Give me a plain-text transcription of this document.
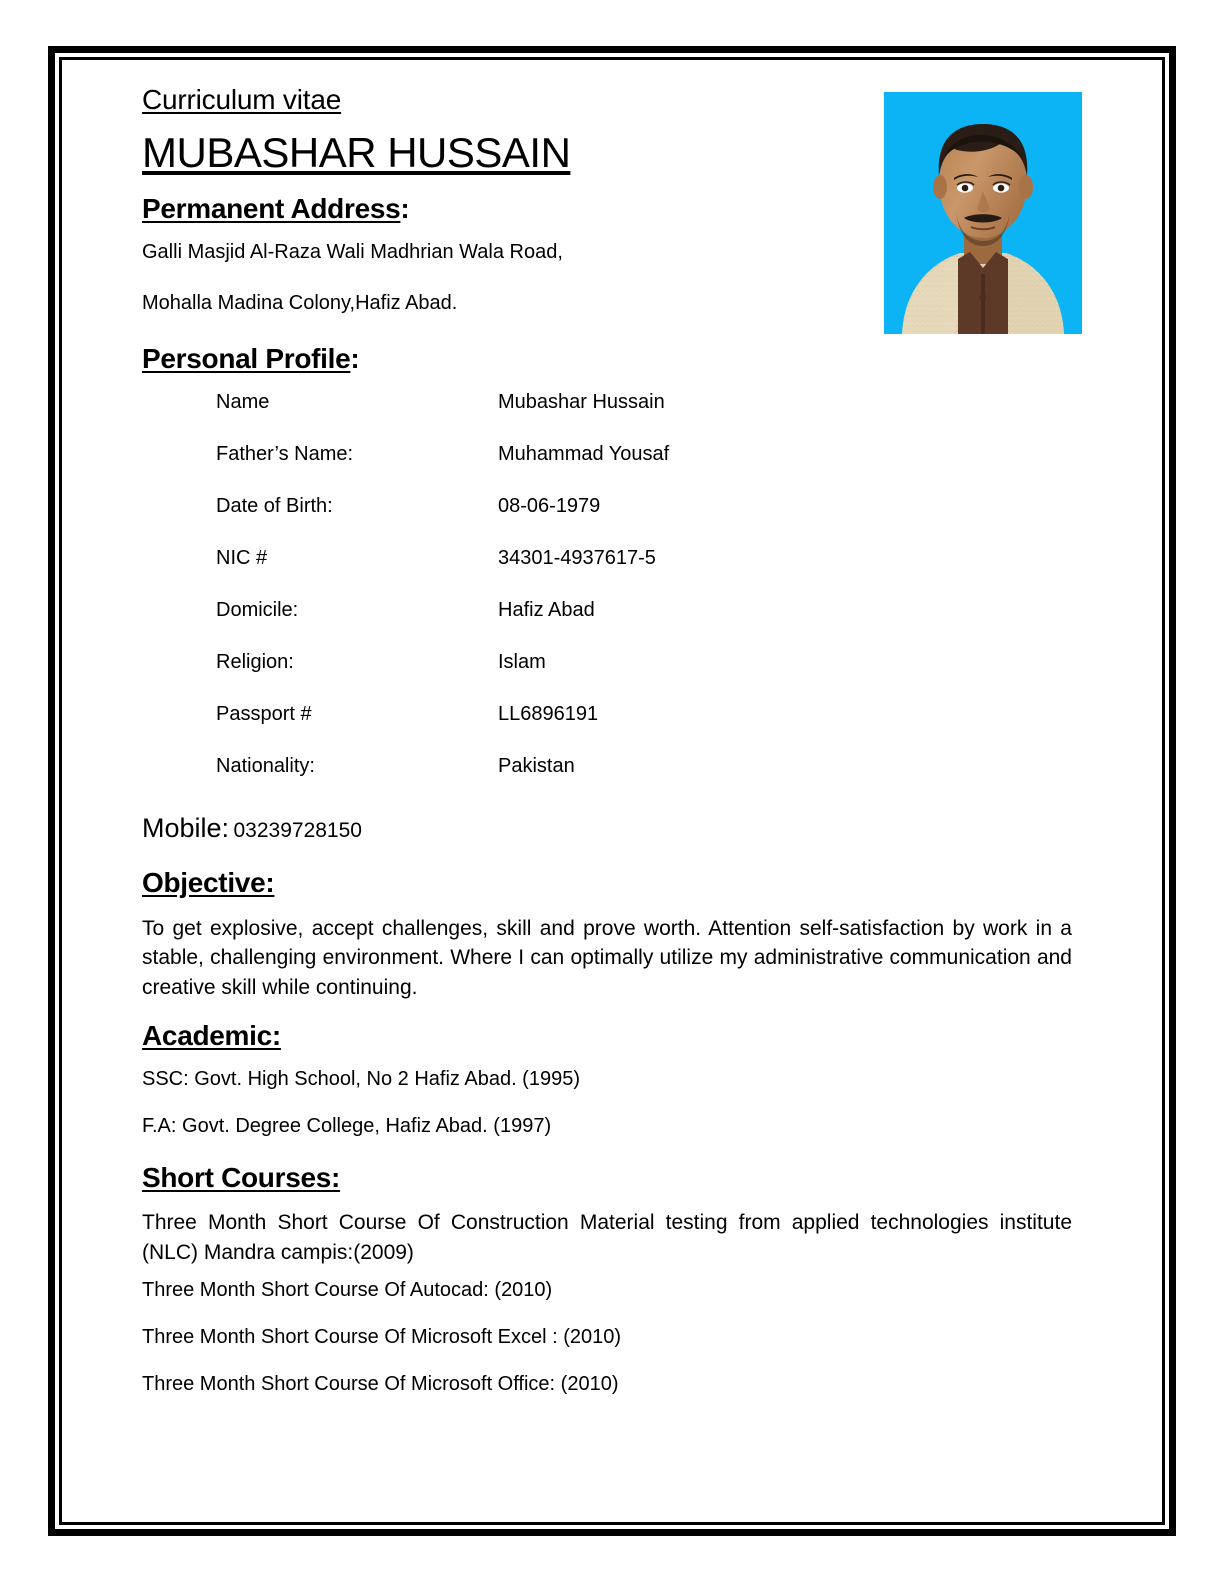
Curriculum vitae
MUBASHAR HUSSAIN
Permanent Address:

Galli Masjid Al-Raza Wali Madhrian Wala Road,

Mohalla Madina Colony,Hafiz Abad.

Personal Profile:
Name	Mubashar Hussain
Father’s Name:	Muhammad Yousaf
Date of Birth:	08-06-1979
NIC #	34301-4937617-5
Domicile:	Hafiz Abad
Religion:	Islam
Passport #	LL6896191
Nationality:	Pakistan
Mobile: 03239728150
Objective:

To get explosive, accept challenges, skill and prove worth. Attention self-satisfaction by work in a stable, challenging environment. Where I can optimally utilize my administrative communication and creative skill while continuing.

Academic:

SSC: Govt. High School, No 2 Hafiz Abad. (1995)

F.A: Govt. Degree College, Hafiz Abad. (1997)

Short Courses:

Three Month Short Course Of Construction Material testing from applied technologies institute (NLC) Mandra campis:(2009)

Three Month Short Course Of Autocad: (2010)

Three Month Short Course Of Microsoft Excel : (2010)

Three Month Short Course Of Microsoft Office: (2010)
